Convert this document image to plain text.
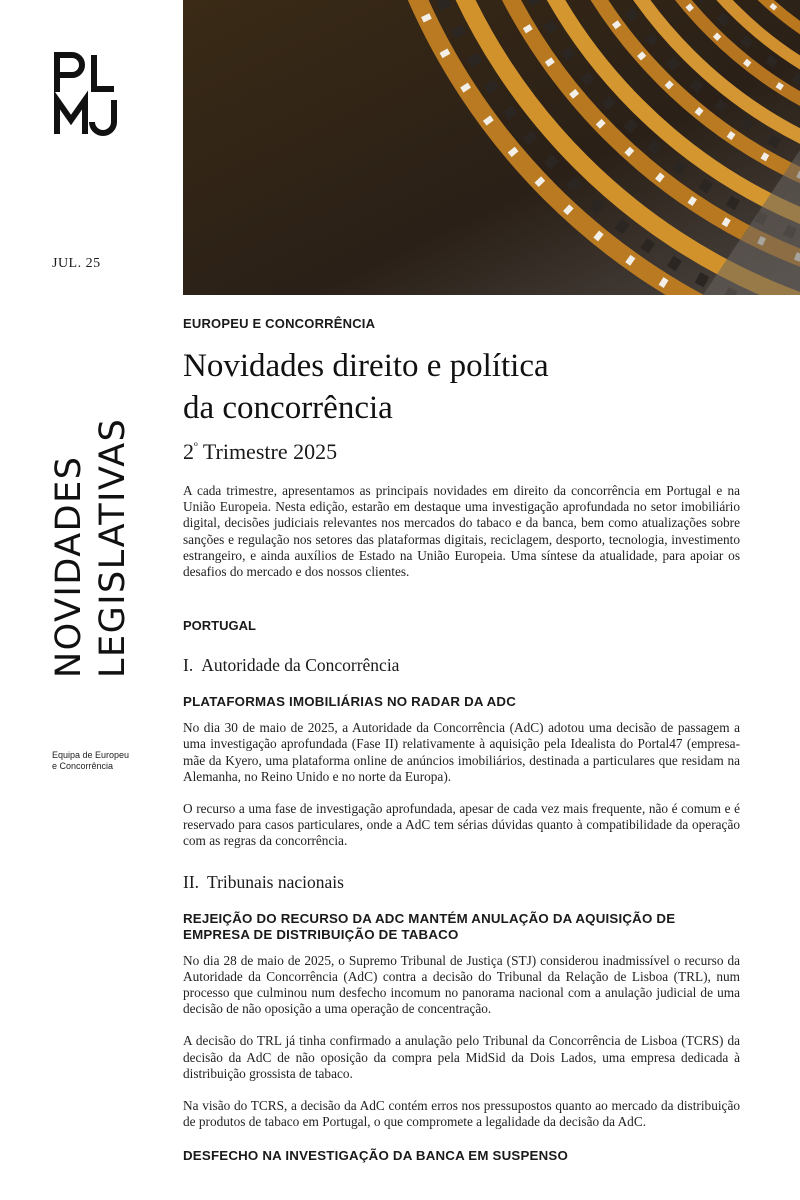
JUL. 25
NOVIDADES LEGISLATIVAS
Equipa de Europeu
e Concorrência
EUROPEU E CONCORRÊNCIA
Novidades direito e política
da concorrência
$2^º$ Trimestre 2025

A cada trimestre, apresentamos as principais novidades em direito da concorrência em Portugal e na União Europeia. Nesta edição, estarão em destaque uma investigação aprofundada no setor imobiliário digital, decisões judiciais relevantes nos mercados do tabaco e da banca, bem como atualizações sobre sanções e regulação nos setores das plataformas digitais, reciclagem, desporto, tecnologia, investimento estrangeiro, e ainda auxílios de Estado na União Europeia. Uma síntese da atualidade, para apoiar os desafios do mercado e dos nossos clientes.

PORTUGAL
I. Autoridade da Concorrência
PLATAFORMAS IMOBILIÁRIAS NO RADAR DA ADC

No dia 30 de maio de 2025, a Autoridade da Concorrência (AdC) adotou uma decisão de passagem a uma investigação aprofundada (Fase II) relativamente à aquisição pela Idealista do Portal47 (empresa-mãe da Kyero, uma plataforma online de anúncios imobiliários, destinada a particulares que residam na Alemanha, no Reino Unido e no norte da Europa).

O recurso a uma fase de investigação aprofundada, apesar de cada vez mais frequente, não é comum e é reservado para casos particulares, onde a AdC tem sérias dúvidas quanto à compatibilidade da operação com as regras da concorrência.

II. Tribunais nacionais
REJEIÇÃO DO RECURSO DA ADC MANTÉM ANULAÇÃO DA AQUISIÇÃO DE EMPRESA DE DISTRIBUIÇÃO DE TABACO

No dia 28 de maio de 2025, o Supremo Tribunal de Justiça (STJ) considerou inadmissível o recurso da Autoridade da Concorrência (AdC) contra a decisão do Tribunal da Relação de Lisboa (TRL), num processo que culminou num desfecho incomum no panorama nacional com a anulação judicial de uma decisão de não oposição a uma operação de concentração.

A decisão do TRL já tinha confirmado a anulação pelo Tribunal da Concorrência de Lisboa (TCRS) da decisão da AdC de não oposição da compra pela MidSid da Dois Lados, uma empresa dedicada à distribuição grossista de tabaco.

Na visão do TCRS, a decisão da AdC contém erros nos pressupostos quanto ao mercado da distribuição de produtos de tabaco em Portugal, o que compromete a legalidade da decisão da AdC.

DESFECHO NA INVESTIGAÇÃO DA BANCA EM SUSPENSO
